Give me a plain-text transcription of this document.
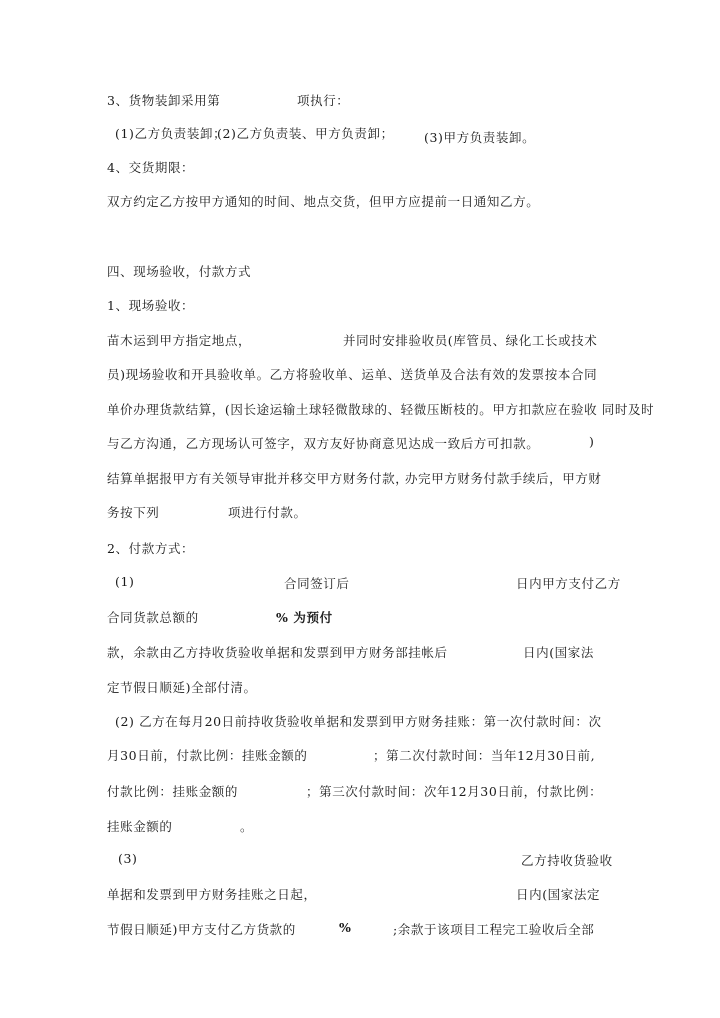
3、货物装卸采用第	项执行：
(1)乙方负责装卸；
(2)乙方负责装、甲方负责卸； (3)甲方负责装卸。
4、交货期限：
双方约定乙方按甲方通知的时间、地点交货，但甲方应提前一日通知乙方。
四、现场验收，付款方式
1、现场验收：
苗木运到甲方指定地点，	并同时安排验收员(库管员、绿化工长或技术
员)现场验收和开具验收单。乙方将验收单、运单、送货单及合法有效的发票按本合同
单价办理货款结算，(因长途运输土球轻微散球的、轻微压断枝的。甲方扣款应在验收 同时及时
与乙方沟通，乙方现场认可签字，双方友好协商意见达成一致后方可扣款。	)
结算单据报甲方有关领导审批并移交甲方财务付款，
办完甲方财务付款手续后，甲方财
务按下列	项进行付款。
2、付款方式：
(1)	合同签订后	日内甲方支付乙方
合同货款总额的	% 为预付
款，余款由乙方持收货验收单据和发票到甲方财务部挂帐后	日内(国家法
定节假日顺延)全部付清。
(2) 乙方在每月20日前持收货验收单据和发票到甲方财务挂账：第一次付款时间：次
月30日前，付款比例：挂账金额的	；第二次付款时间：当年12月30日前,
付款比例：挂账金额的	；第三次付款时间：次年12月30日前，付款比例：
挂账金额的	。
(3)	乙方持收货验收
单据和发票到甲方财务挂账之日起，	日内(国家法定
节假日顺延)甲方支付乙方货款的	%	;余款于该项目工程完工验收后全部
